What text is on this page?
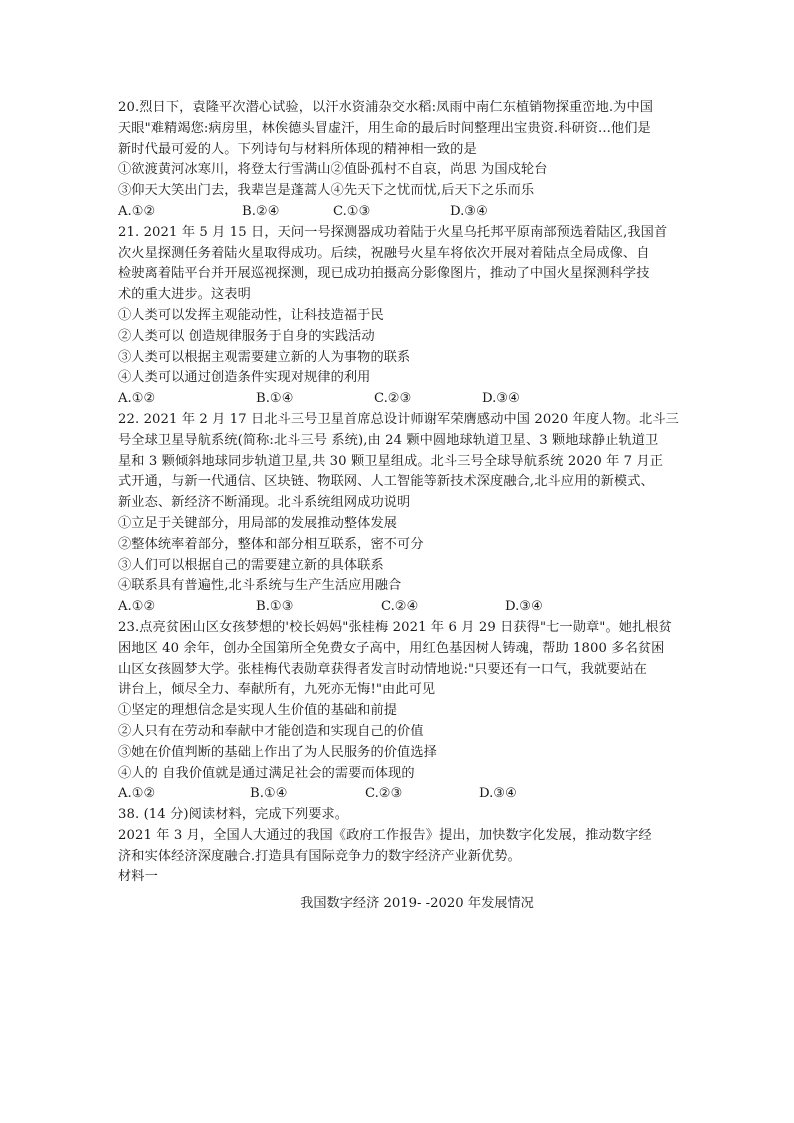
20.烈日下，袁隆平次潜心试验，以汗水资浦杂交水稻:凤雨中南仁东植销物探重峦地.为中国
天眼"难精竭您:病房里，林俟德头冒虚汗，用生命的最后时间整理出宝贵资.科研资...他们是
新时代最可爱的人。下列诗句与材料所体现的精神相一致的是
①欲渡黄河冰寒川，将登太行雪满山②值卧孤村不自哀，尚思 为国戍轮台
③仰天大笑出门去，我辈岂是蓬蒿人④先天下之忧而忧,后天下之乐而乐
A.①②	B.②④	C.①③	D.③④
21. 2021 年 5 月 15 日，天问一号探测器成功着陆于火星乌托邦平原南部预选着陆区,我国首
次火星探测任务着陆火星取得成功。后续，祝融号火星车将依次开展对着陆点全局成像、自
检驶离着陆平台并开展巡视探测，现已成功拍摄高分影像图片，推动了中国火星探测科学技
术的重大进步。这表明
①人类可以发挥主观能动性，让科技造福于民
②人类可以 创造规律服务于自身的实践活动
③人类可以根据主观需要建立新的人为事物的联系
④人类可以通过创造条件实现对规律的利用
A.①②	B.①④	C.②③	D.③④
22. 2021 年 2 月 17 日北斗三号卫星首席总设计师谢军荣膺感动中国 2020 年度人物。北斗三
号全球卫星导航系统(简称:北斗三号 系统),由 24 颗中圆地球轨道卫星、3 颗地球静止轨道卫
星和 3 颗倾斜地球同步轨道卫星,共 30 颗卫星组成。北斗三号全球导航系统 2020 年 7 月正
式开通，与新一代通信、区块链、物联网、人工智能等新技术深度融合,北斗应用的新模式、
新业态、新经济不断涌现。北斗系统组网成功说明
①立足于关键部分，用局部的发展推动整体发展
②整体统率着部分，整体和部分相互联系，密不可分
③人们可以根据自己的需要建立新的具体联系
④联系具有普遍性,北斗系统与生产生活应用融合
A.①②	B.①③	C.②④	D.③④
23.点亮贫困山区女孩梦想的'校长妈妈"张桂梅 2021 年 6 月 29 日获得"七一勋章"。她扎根贫
困地区 40 余年，创办全国第所全免费女子高中，用红色基因树人铸魂，帮助 1800 多名贫困
山区女孩圆梦大学。张桂梅代表勋章获得者发言时动情地说:"只要还有一口气，我就要站在
讲台上，倾尽全力、奉献所有，九死亦无悔!"由此可见
①坚定的理想信念是实现人生价值的基础和前提
②人只有在劳动和奉献中才能创造和实现自己的价值
③她在价值判断的基础上作出了为人民服务的价值选择
④人的 自我价值就是通过满足社会的需要而体现的
A.①②	B.①④	C.②③	D.③④
38. (14 分)阅读材料，完成下列要求。
2021 年 3 月，全国人大通过的我国《政府工作报告》提出，加快数字化发展，推动数字经
济和实体经济深度融合.打造具有国际竞争力的数字经济产业新优势。
材料一
我国数字经济 2019- -2020 年发展情况
